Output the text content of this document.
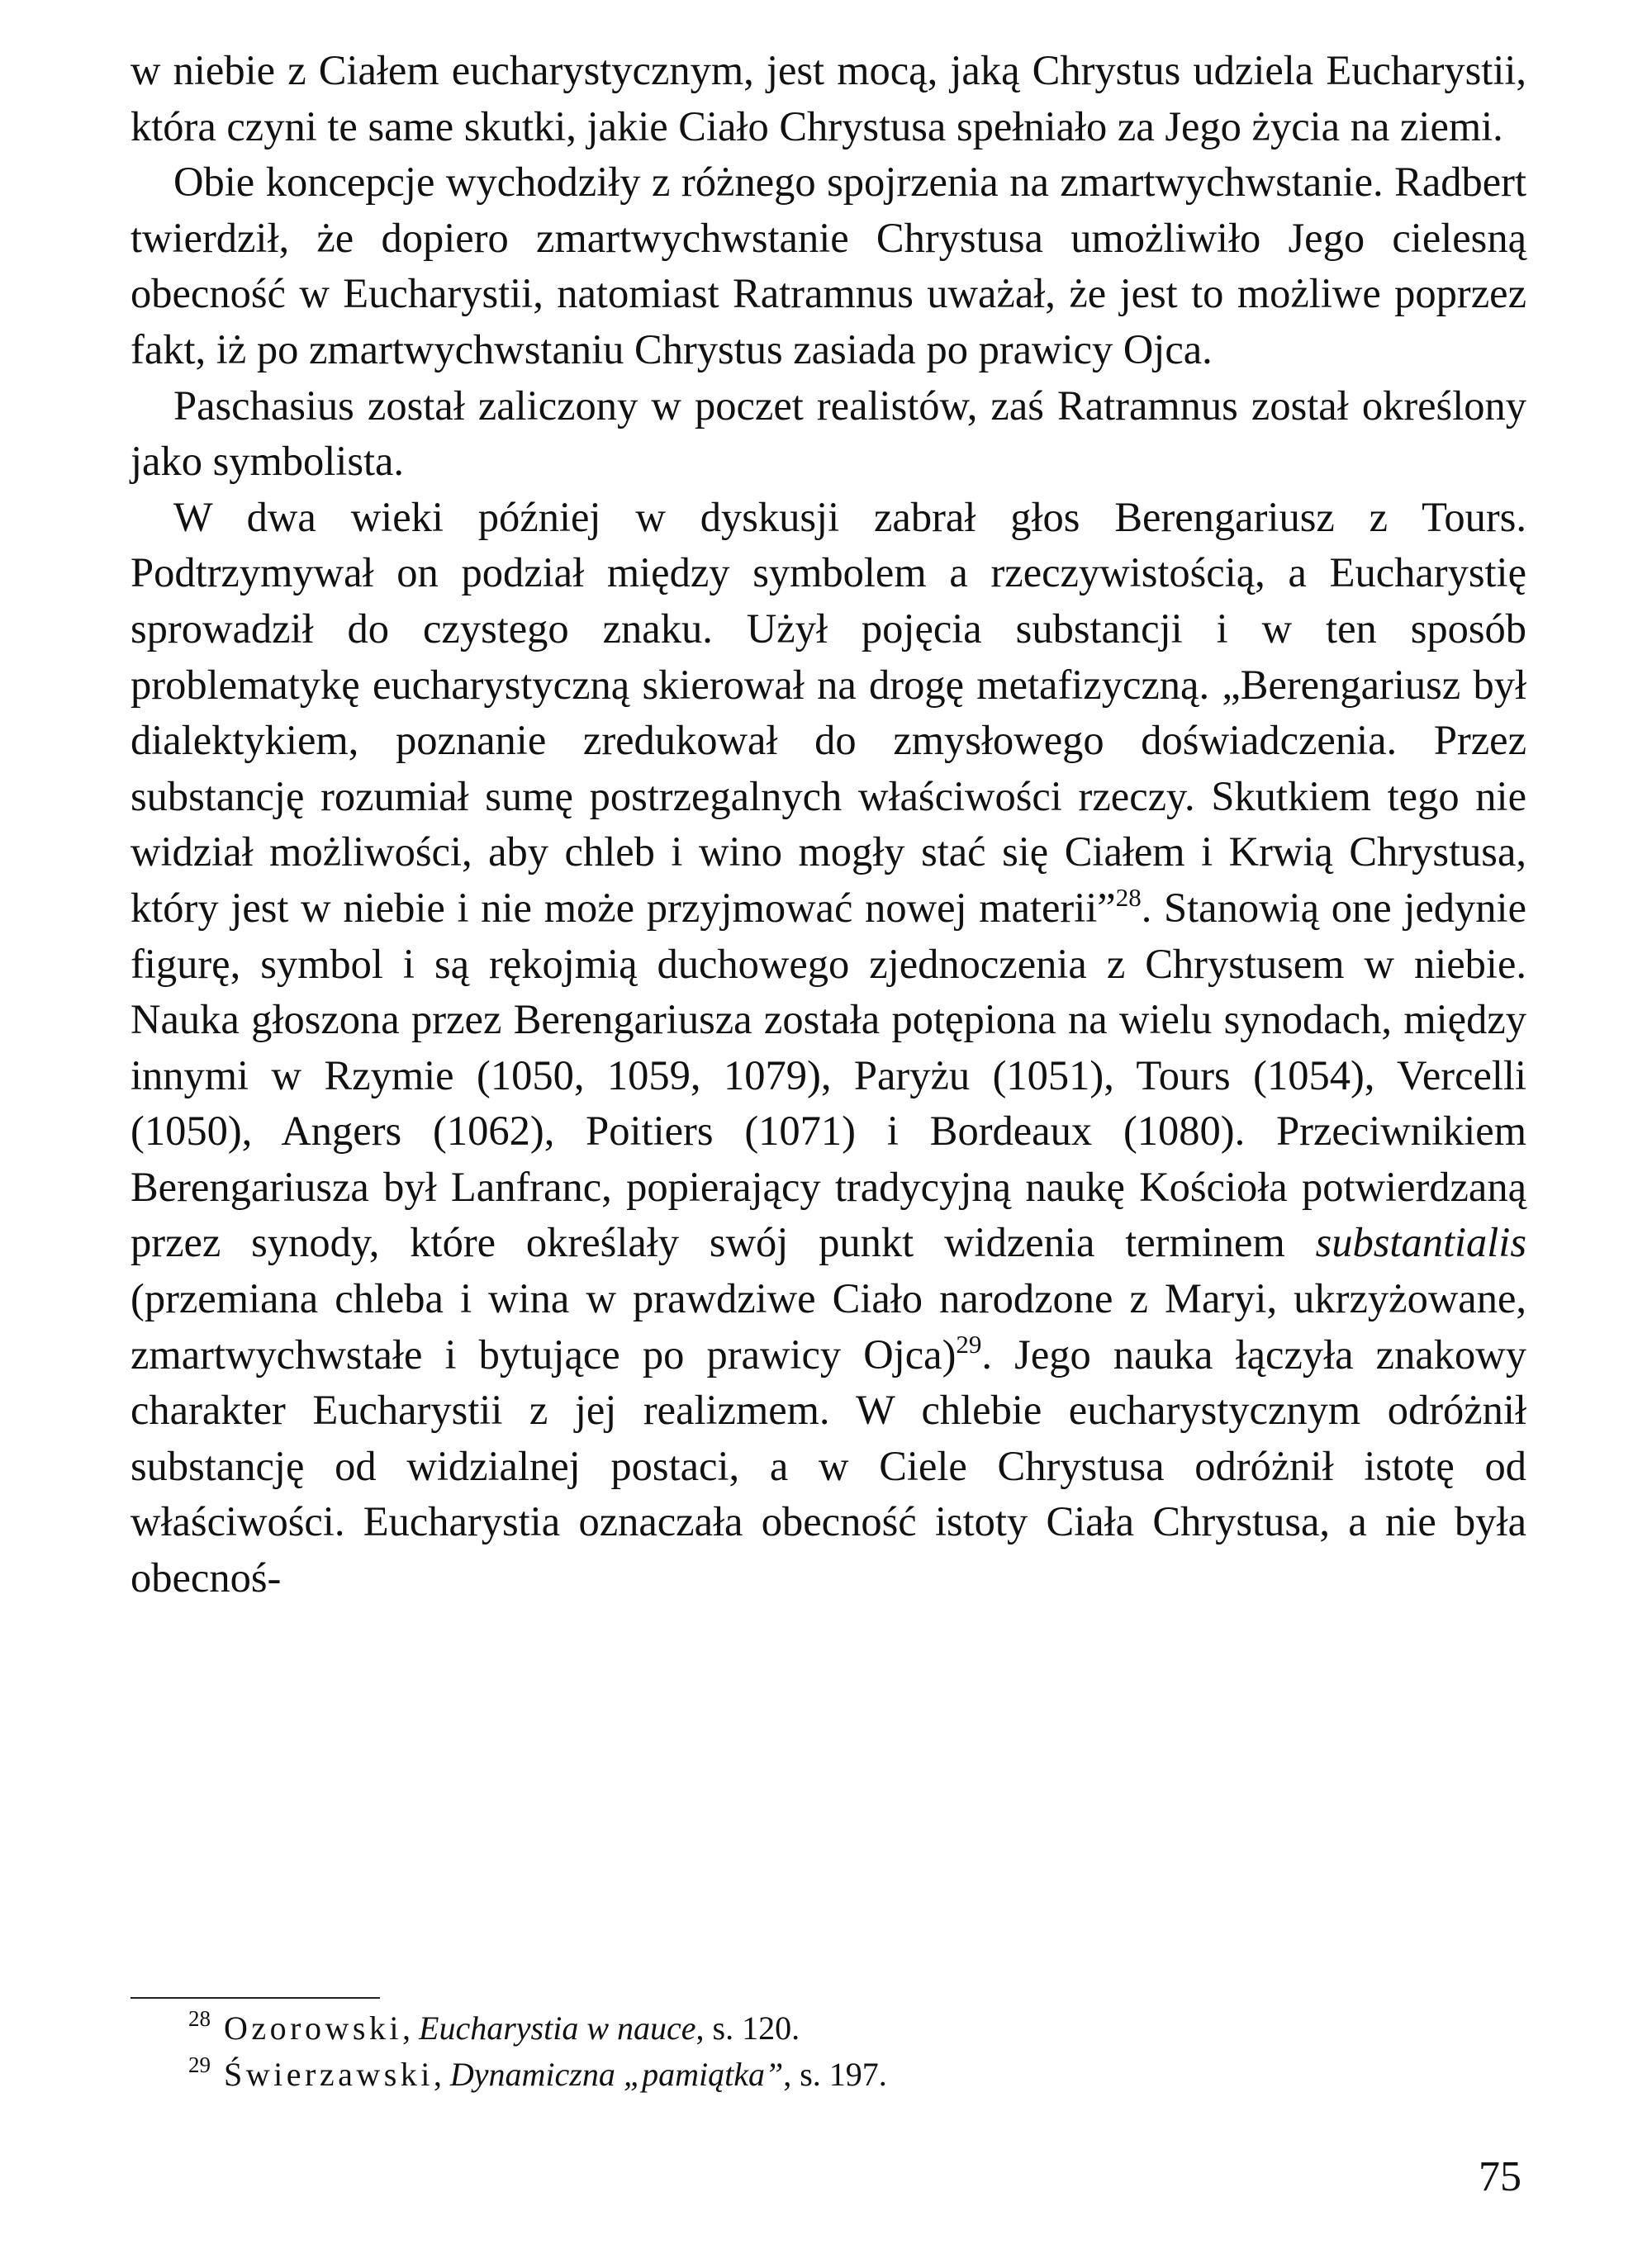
w niebie z Ciałem eucharystycznym, jest mocą, jaką Chrystus udziela Eucharystii, która czyni te same skutki, jakie Ciało Chrystusa spełniało za Jego życia na ziemi.

Obie koncepcje wychodziły z różnego spojrzenia na zmartwychwstanie. Radbert twierdził, że dopiero zmartwychwstanie Chrystusa umożliwiło Jego cielesną obecność w Eucharystii, natomiast Ratramnus uważał, że jest to możliwe poprzez fakt, iż po zmartwychwstaniu Chrystus zasiada po prawicy Ojca.

Paschasius został zaliczony w poczet realistów, zaś Ratramnus został określony jako symbolista.

W dwa wieki później w dyskusji zabrał głos Berengariusz z Tours. Podtrzymywał on podział między symbolem a rzeczywistością, a Eucharystię sprowadził do czystego znaku. Użył pojęcia substancji i w ten sposób problematykę eucharystyczną skierował na drogę metafizyczną. „Berengariusz był dialektykiem, poznanie zredukował do zmysłowego doświadczenia. Przez substancję rozumiał sumę postrzegalnych właściwości rzeczy. Skutkiem tego nie widział możliwości, aby chleb i wino mogły stać się Ciałem i Krwią Chrystusa, który jest w niebie i nie może przyjmować nowej materii”$^{28}$. Stanowią one jedynie figurę, symbol i są rękojmią duchowego zjednoczenia z Chrystusem w niebie. Nauka głoszona przez Berengariusza została potępiona na wielu synodach, między innymi w Rzymie (1050, 1059, 1079), Paryżu (1051), Tours (1054), Vercelli (1050), Angers (1062), Poitiers (1071) i Bordeaux (1080). Przeciwnikiem Berengariusza był Lanfranc, popierający tradycyjną naukę Kościoła potwierdzaną przez synody, które określały swój punkt widzenia terminem substantialis (przemiana chleba i wina w prawdziwe Ciało narodzone z Maryi, ukrzyżowane, zmartwychwstałe i bytujące po prawicy Ojca)$^{29}$. Jego nauka łączyła znakowy charakter Eucharystii z jej realizmem. W chlebie eucharystycznym odróżnił substancję od widzialnej postaci, a w Ciele Chrystusa odróżnił istotę od właściwości. Eucharystia oznaczała obecność istoty Ciała Chrystusa, a nie była obecnoś-

$^{28}$ Ozorowski, Eucharystia w nauce, s. 120.

$^{29}$ Świerzawski, Dynamiczna „pamiątka”, s. 197.

75
